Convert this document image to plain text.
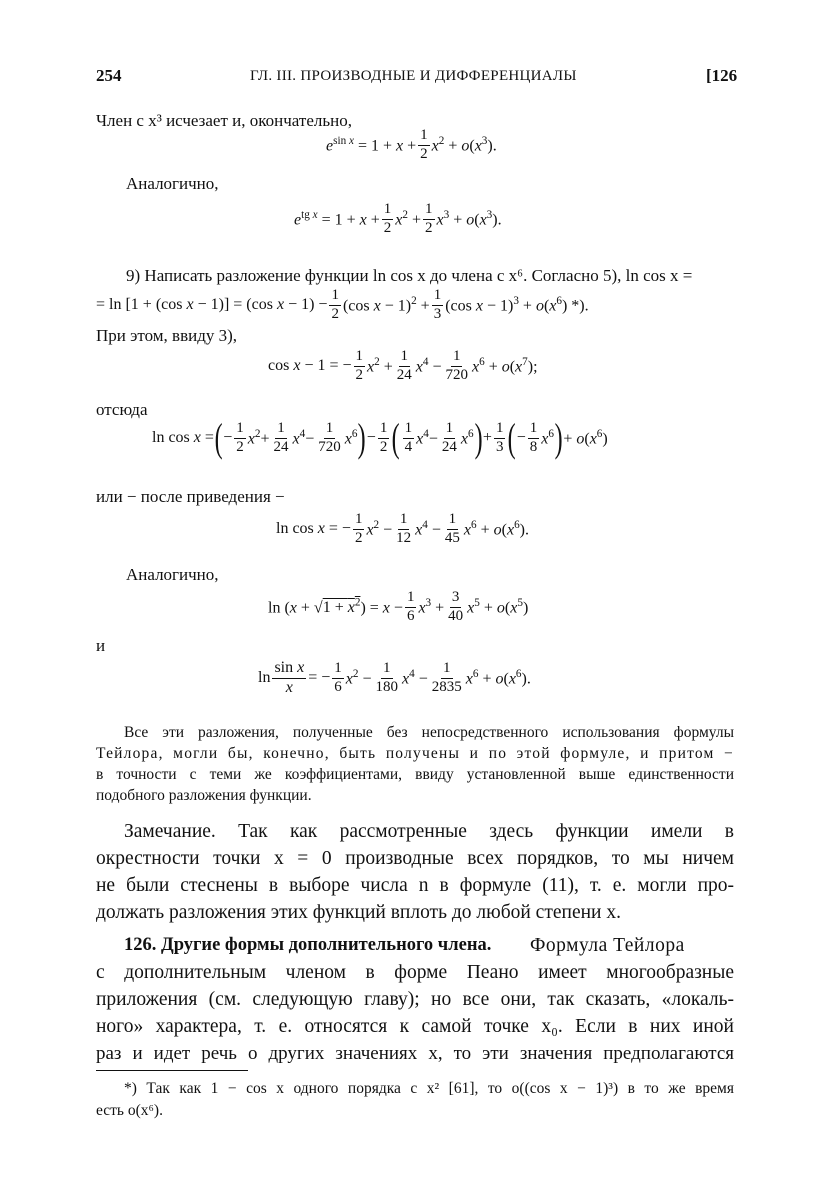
254	ГЛ. III. ПРОИЗВОДНЫЕ И ДИФФЕРЕНЦИАЛЫ	[126
Член с x³ исчезает и, окончательно,
$e^{sin x} = 1 + x + \frac{1}{2} x^2 + o(x^3)$.
Аналогично,
$e^{tg x} = 1 + x + \frac{1}{2} x^2 + \frac{1}{2} x^3 + o(x^3)$.
9) Написать разложение функции ln cos x до члена с x⁶. Согласно 5), ln cos x =
= ln [1 + (cos x − 1)] = (cos $x - 1) - \frac{1}{2} (\cos$ $x - 1)^2 + \frac{1}{3} (\cos$ $x - 1)^3 + o(x^6)$ *).
При этом, ввиду 3),
cos x − 1 = − $\frac{1}{2} x^2 + \frac{1}{24} x^4 - \frac{1}{720} x^6 + o(x^7)$;
отсюда
ln cos x = ( − $\frac{1}{2} x^2+ \frac{1}{24} x^4- \frac{1}{720} x^6$ ) − $\frac{1}{2}$ ( $\frac{1}{4} x^4- \frac{1}{24} x^6$ ) + $\frac{1}{3}$ ( − $\frac{1}{8} x^6$ ) + $o(x^6)$
или − после приведения −
ln cos x = − $\frac{1}{2} x^2 - \frac{1}{12} x^4 - \frac{1}{45} x^6 + o(x^6)$.
Аналогично,
$\ln (x + √1 + x^2) = x - \frac{1}{6} x^3 + \frac{3}{40} x^5 + o(x^5)$
и
$\ln \frac{\text{sin x}}{x}$ = − $\frac{1}{6} x^2 - \frac{1}{180} x^4 - \frac{1}{2835} x^6 + o(x^6)$.
Все эти разложения, полученные без непосредственного использования формулы
Тейлора, могли бы, конечно, быть получены и по этой формуле, и притом −
в точности с теми же коэффициентами, ввиду установленной выше единственности
подобного разложения функции.
Замечание. Так как рассмотренные здесь функции имели в
окрестности точки x = 0 производные всех порядков, то мы ничем
не были стеснены в выборе числа n в формуле (11), т. е. могли про-
должать разложения этих функций вплоть до любой степени x.
126. Другие формы дополнительного члена. Формула Тейлора
с дополнительным членом в форме Пеано имеет многообразные
приложения (см. следующую главу); но все они, так сказать, «локаль-
ного» характера, т. е. относятся к самой точке x₀. Если в них иной
раз и идет речь о других значениях x, то эти значения предполагаются
*) Так как 1 − cos x одного порядка с x² [61], то o((cos x − 1)³) в то же время
есть o(x⁶).
